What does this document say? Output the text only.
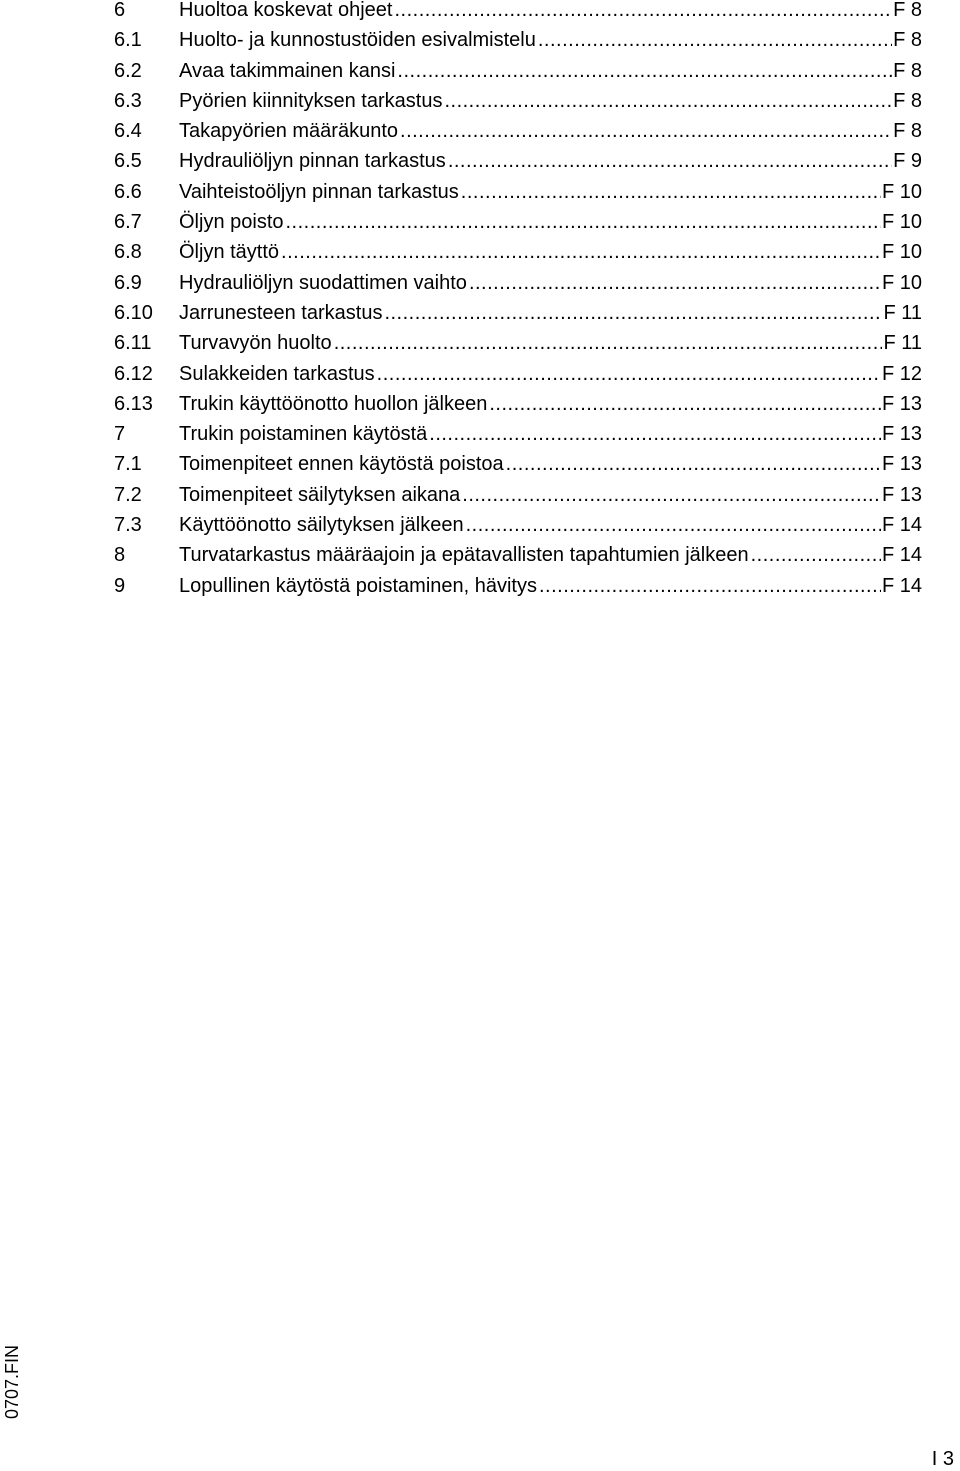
6	Huoltoa koskevat ohjeet .....	F 8
6.1	Huolto- ja kunnostustöiden esivalmistelu .....	F 8
6.2	Avaa takimmainen kansi .....	F 8
6.3	Pyörien kiinnityksen tarkastus .....	F 8
6.4	Takapyörien määräkunto .....	F 8
6.5	Hydrauliöljyn pinnan tarkastus .....	F 9
6.6	Vaihteistoöljyn pinnan tarkastus .....	F 10
6.7	Öljyn poisto .....	F 10
6.8	Öljyn täyttö .....	F 10
6.9	Hydrauliöljyn suodattimen vaihto .....	F 10
6.10	Jarrunesteen tarkastus .....	F 11
6.11	Turvavyön huolto .....	F 11
6.12	Sulakkeiden tarkastus .....	F 12
6.13	Trukin käyttöönotto huollon jälkeen .....	F 13
7	Trukin poistaminen käytöstä .....	F 13
7.1	Toimenpiteet ennen käytöstä poistoa .....	F 13
7.2	Toimenpiteet säilytyksen aikana .....	F 13
7.3	Käyttöönotto säilytyksen jälkeen .....	F 14
8	Turvatarkastus määräajoin ja epätavallisten tapahtumien jälkeen .....	F 14
9	Lopullinen käytöstä poistaminen, hävitys .....	F 14
0707.FIN
I 3
